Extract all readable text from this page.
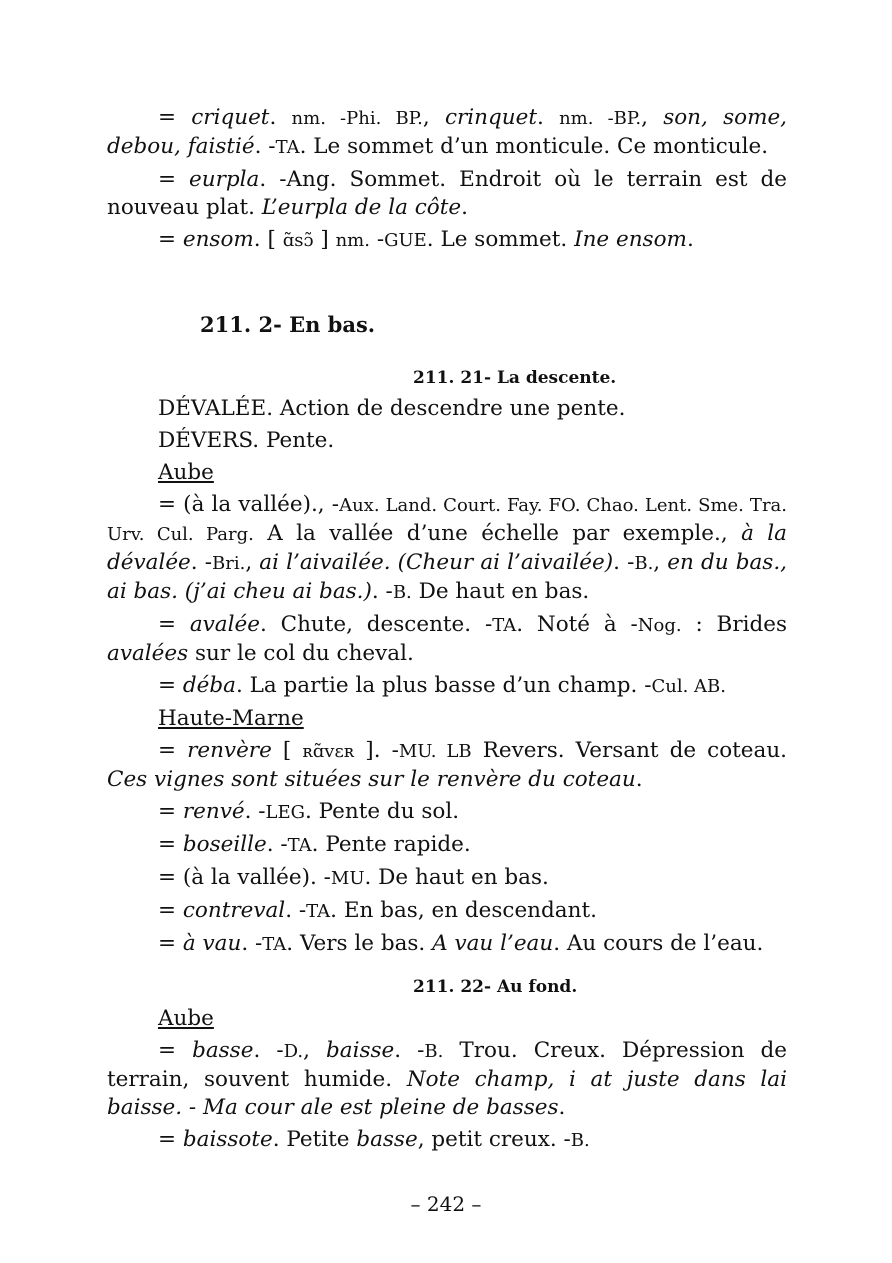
= criquet. nm. -Phi. BP., crinquet. nm. -BP., son, some, debou, faistié. -TA. Le sommet d’un monticule. Ce monticule.

= eurpla. -Ang. Sommet. Endroit où le terrain est de nouveau plat. L’eurpla de la côte.

= ensom. [ ɑ̃sɔ̃ ] nm. -GUE. Le sommet. Ine ensom.

211. 2- En bas.

211. 21- La descente.

DÉVALÉE. Action de descendre une pente.

DÉVERS. Pente.

Aube

= (à la vallée)., -Aux. Land. Court. Fay. FO. Chao. Lent. Sme. Tra. Urv. Cul. Parg. A la vallée d’une échelle par exemple., à la dévalée. -Bri., ai l’aivailée. (Cheur ai l’aivailée). -B., en du bas., ai bas. (j’ai cheu ai bas.). -B. De haut en bas.

= avalée. Chute, descente. -TA. Noté à -Nog. : Brides avalées sur le col du cheval.

= déba. La partie la plus basse d’un champ. -Cul. AB.

Haute-Marne

= renvère [ ʀɑ̃vɛʀ ]. -MU. LB Revers. Versant de coteau. Ces vignes sont situées sur le renvère du coteau.

= renvé. -LEG. Pente du sol.

= boseille. -TA. Pente rapide.

= (à la vallée). -MU. De haut en bas.

= contreval. -TA. En bas, en descendant.

= à vau. -TA. Vers le bas. A vau l’eau. Au cours de l’eau.

211. 22- Au fond.

Aube

= basse. -D., baisse. -B. Trou. Creux. Dépression de terrain, souvent humide. Note champ, i at juste dans lai baisse. - Ma cour ale est pleine de basses.

= baissote. Petite basse, petit creux. -B.

– 242 –
